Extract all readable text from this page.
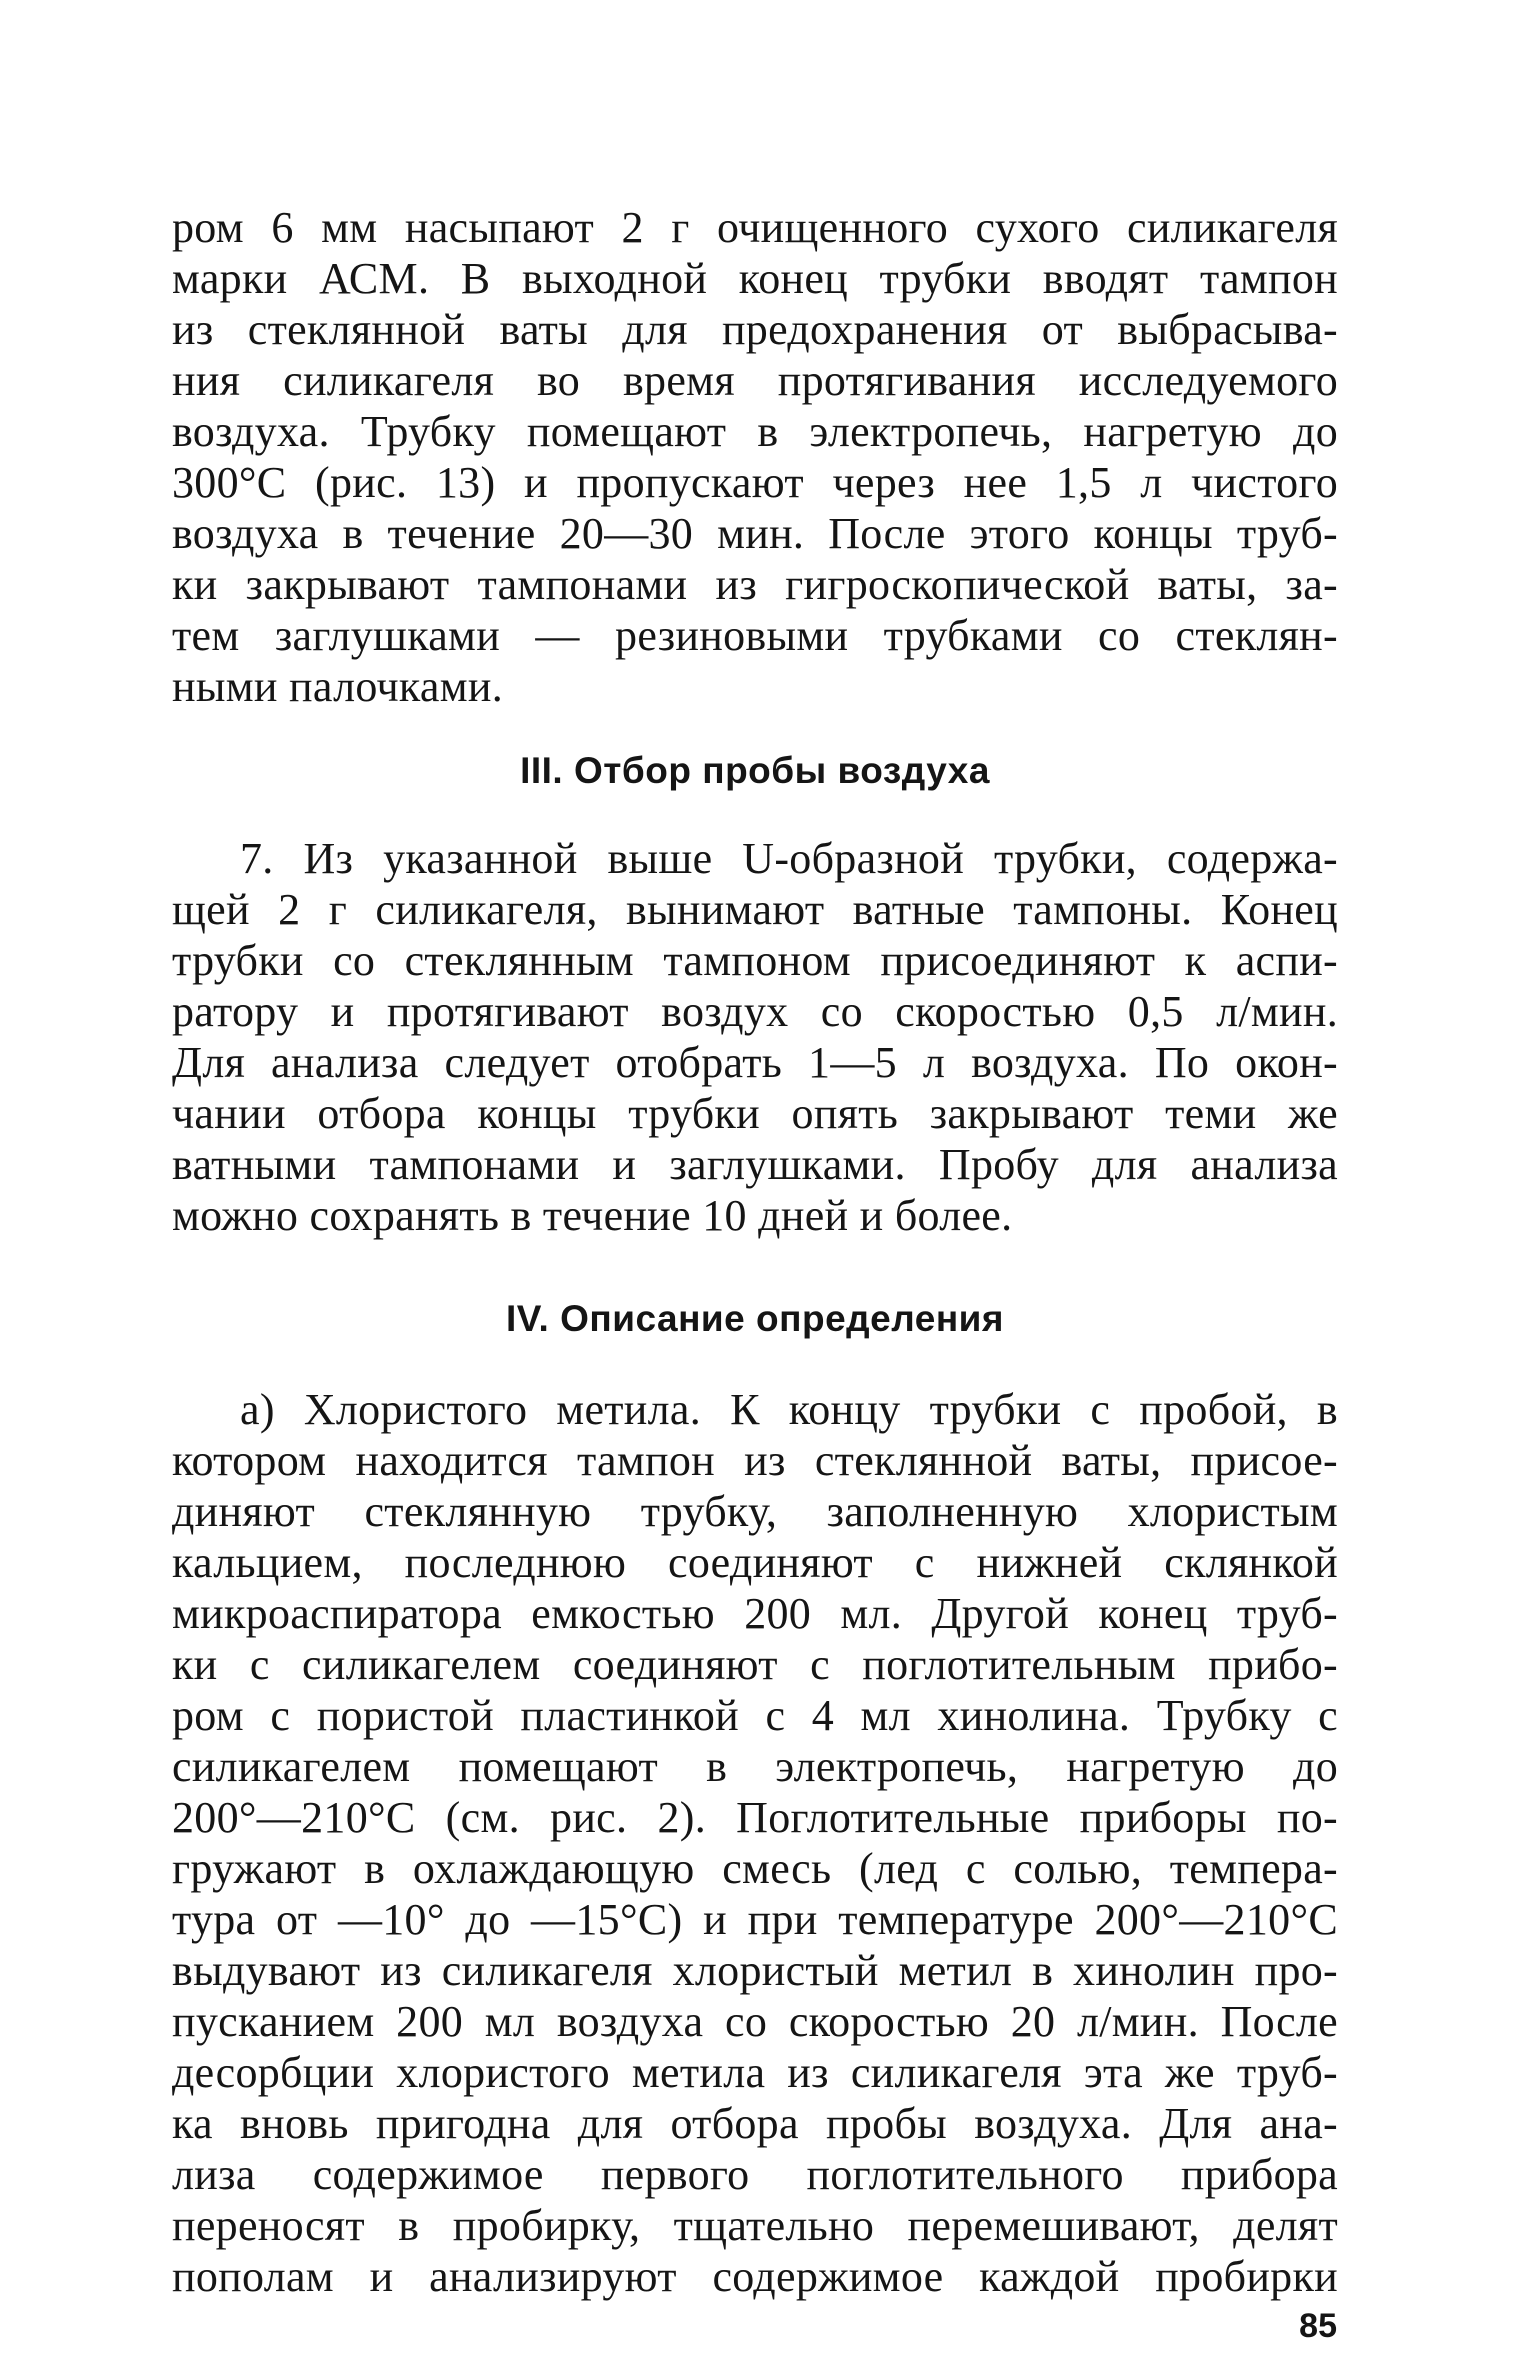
ром 6 мм насыпают 2 г очищенного сухого силикагеля
марки АСМ. В выходной конец трубки вводят тампон
из стеклянной ваты для предохранения от выбрасыва-
ния силикагеля во время протягивания исследуемого
воздуха. Трубку помещают в электропечь, нагретую до
300°С (рис. 13) и пропускают через нее 1,5 л чистого
воздуха в течение 20—30 мин. После этого концы труб-
ки закрывают тампонами из гигроскопической ваты, за-
тем заглушками — резиновыми трубками со стеклян-
ными палочками.
III. Отбор пробы воздуха
7. Из указанной выше U-образной трубки, содержа-
щей 2 г силикагеля, вынимают ватные тампоны. Конец
трубки со стеклянным тампоном присоединяют к аспи-
ратору и протягивают воздух со скоростью 0,5 л/мин.
Для анализа следует отобрать 1—5 л воздуха. По окон-
чании отбора концы трубки опять закрывают теми же
ватными тампонами и заглушками. Пробу для анализа
можно сохранять в течение 10 дней и более.
IV. Описание определения
а) Хлористого метила. К концу трубки с пробой, в
котором находится тампон из стеклянной ваты, присое-
диняют стеклянную трубку, заполненную хлористым
кальцием, последнюю соединяют с нижней склянкой
микроаспиратора емкостью 200 мл. Другой конец труб-
ки с силикагелем соединяют с поглотительным прибо-
ром с пористой пластинкой с 4 мл хинолина. Трубку с
силикагелем помещают в электропечь, нагретую до
200°—210°С (см. рис. 2). Поглотительные приборы по-
гружают в охлаждающую смесь (лед с солью, темпера-
тура от —10° до —15°С) и при температуре 200°—210°С
выдувают из силикагеля хлористый метил в хинолин про-
пусканием 200 мл воздуха со скоростью 20 л/мин. После
десорбции хлористого метила из силикагеля эта же труб-
ка вновь пригодна для отбора пробы воздуха. Для ана-
лиза содержимое первого поглотительного прибора
переносят в пробирку, тщательно перемешивают, делят
пополам и анализируют содержимое каждой пробирки
85
